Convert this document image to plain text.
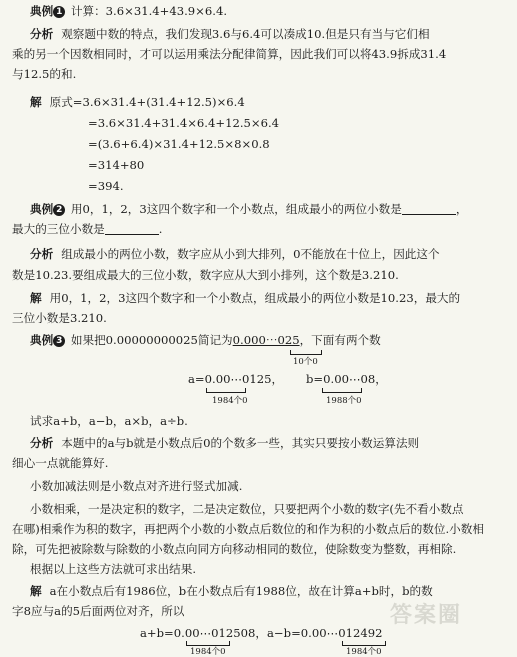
典例 1 计算：3.6×31.4+43.9×6.4.
分析 观察题中数的特点，我们发现3.6与6.4可以凑成10.但是只有当与它们相
乘的另一个因数相同时，才可以运用乘法分配律简算，因此我们可以将43.9拆成31.4
与12.5的和.
解 原式=3.6×31.4+(31.4+12.5)×6.4
=3.6×31.4+31.4×6.4+12.5×6.4
=(3.6+6.4)×31.4+12.5×8×0.8
=314+80
=394.
典例 2 用0，1，2，3这四个数字和一个小数点，组成最小的两位小数是	，
最大的三位小数是	.
分析 组成最小的两位小数，数字应从小到大排列，0不能放在十位上，因此这个
数是10.23.要组成最大的三位小数，数字应从大到小排列，这个数是3.210.
解 用0，1，2，3这四个数字和一个小数点，组成最小的两位小数是10.23，最大的
三位小数是3.210.
典例 3 如果把0.00000000025简记为0.000⋯025，下面有两个数
10个0
a=0.00⋯0125， b=0.00⋯08，
1984个0	1988个0
试求a+b，a−b，a×b，a÷b.
分析 本题中的a与b就是小数点后0的个数多一些，其实只要按小数运算法则
细心一点就能算好.
小数加减法则是小数点对齐进行竖式加减.
小数相乘，一是决定积的数字，二是决定数位，只要把两个小数的数字(先不看小数点
在哪)相乘作为积的数字，再把两个小数的小数点后数位的和作为积的小数点后的数位.小数相
除，可先把被除数与除数的小数点向同方向移动相同的数位，使除数变为整数，再相除.
根据以上这些方法就可求出结果.
解 a在小数点后有1986位，b在小数点后有1988位，故在计算a+b时，b的数
字8应与a的5后面两位对齐，所以
a+b=0.00⋯012508，a−b=0.00⋯012492
1984个0	1984个0
答案圈
